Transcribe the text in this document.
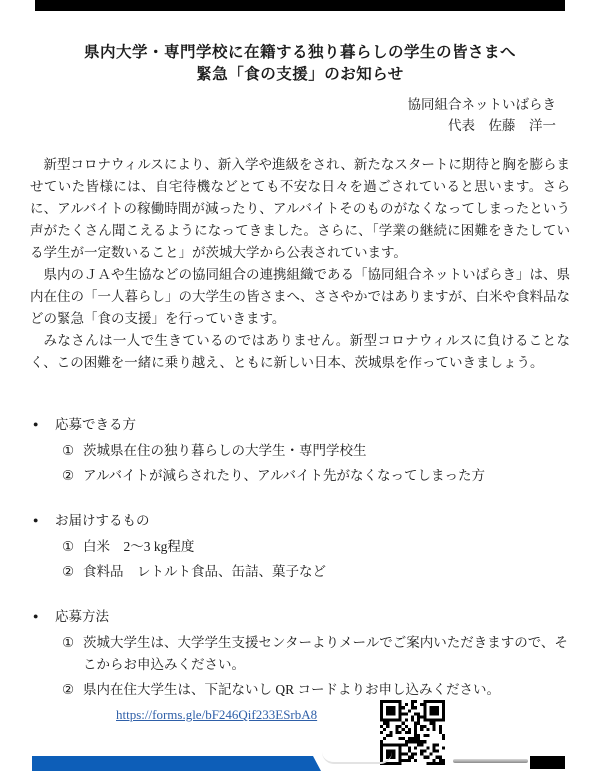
県内大学・専門学校に在籍する独り暮らしの学生の皆さまへ
緊急「食の支援」のお知らせ
協同組合ネットいばらき
代表　佐藤　洋一

新型コロナウィルスにより、新入学や進級をされ、新たなスタートに期待と胸を膨らませていた皆様には、自宅待機などとても不安な日々を過ごされていると思います。さらに、アルバイトの稼働時間が減ったり、アルバイトそのものがなくなってしまったという声がたくさん聞こえるようになってきました。さらに、「学業の継続に困難をきたしている学生が一定数いること」が茨城大学から公表されています。

県内のＪＡや生協などの協同組合の連携組織である「協同組合ネットいばらき」は、県内在住の「一人暮らし」の大学生の皆さまへ、ささやかではありますが、白米や食料品などの緊急「食の支援」を行っていきます。

みなさんは一人で生きているのではありません。新型コロナウィルスに負けることなく、この困難を一緒に乗り越え、ともに新しい日本、茨城県を作っていきましょう。

●	応募できる方
① 茨城県在住の独り暮らしの大学生・専門学校生
② アルバイトが減らされたり、アルバイト先がなくなってしまった方
●	お届けするもの
① 白米　2～3 kg程度
② 食料品　レトルト食品、缶詰、菓子など
●	応募方法
① 茨城大学生は、大学学生支援センターよりメールでご案内いただきますので、そこからお申込みください。
② 県内在住大学生は、下記ないし QR コードよりお申し込みください。
https://forms.gle/bF246Qif233ESrbA8
